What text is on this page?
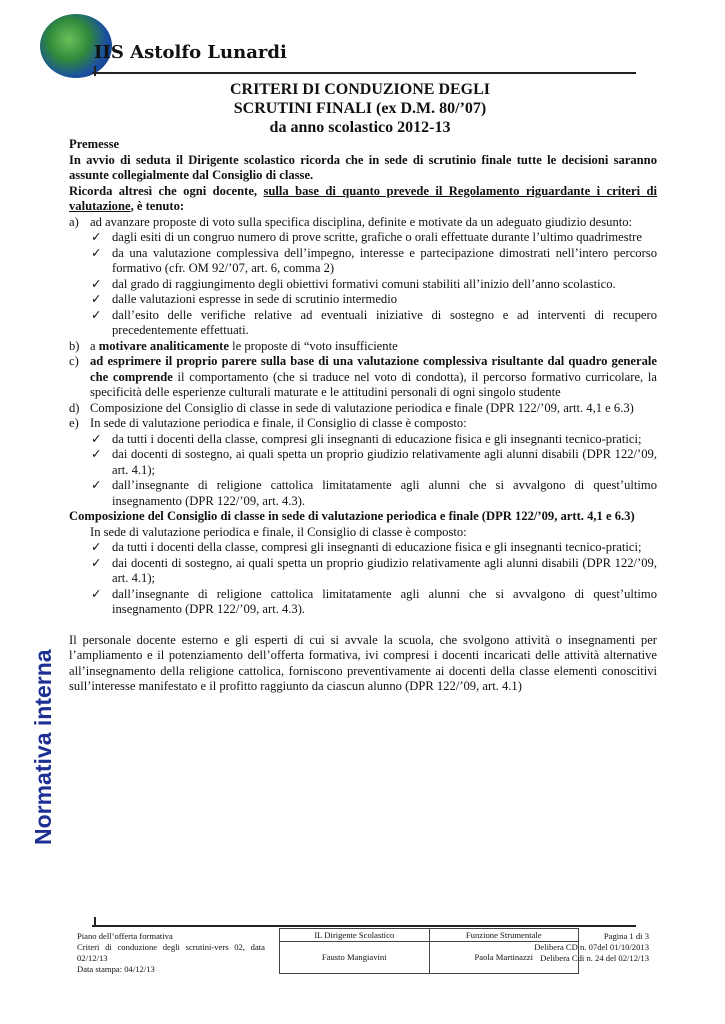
IIS Astolfo Lunardi
CRITERI DI CONDUZIONE DEGLI
SCRUTINI FINALI (ex D.M. 80/’07)
da anno scolastico 2012-13

Premesse

In avvio di seduta il Dirigente scolastico ricorda che in sede di scrutinio finale tutte le decisioni saranno assunte collegialmente dal Consiglio di classe.

Ricorda altresì che ogni docente, sulla base di quanto prevede il Regolamento riguardante i criteri di valutazione, è tenuto:

a) ad avanzare proposte di voto sulla specifica disciplina, definite e motivate da un adeguato giudizio desunto:
✓ dagli esiti di un congruo numero di prove scritte, grafiche o orali effettuate durante l’ultimo quadrimestre
✓ da una valutazione complessiva dell’impegno, interesse e partecipazione dimostrati nell’intero percorso formativo (cfr. OM 92/’07, art. 6, comma 2)
✓ dal grado di raggiungimento degli obiettivi formativi comuni stabiliti all’inizio dell’anno scolastico.
✓ dalle valutazioni espresse in sede di scrutinio intermedio
✓ dall’esito delle verifiche relative ad eventuali iniziative di sostegno e ad interventi di recupero precedentemente effettuati.
b) a motivare analiticamente le proposte di “voto insufficiente
c) ad esprimere il proprio parere sulla base di una valutazione complessiva risultante dal quadro generale che comprende il comportamento (che si traduce nel voto di condotta), il percorso formativo curricolare, la specificità delle esperienze culturali maturate e le attitudini personali di ogni singolo studente
d) Composizione del Consiglio di classe in sede di valutazione periodica e finale (DPR 122/’09, artt. 4,1 e 6.3)
e) In sede di valutazione periodica e finale, il Consiglio di classe è composto:
✓ da tutti i docenti della classe, compresi gli insegnanti di educazione fisica e gli insegnanti tecnico-pratici;
✓ dai docenti di sostegno, ai quali spetta un proprio giudizio relativamente agli alunni disabili (DPR 122/’09, art. 4.1);
✓ dall’insegnante di religione cattolica limitatamente agli alunni che si avvalgono di quest’ultimo insegnamento (DPR 122/’09, art. 4.3).

Composizione del Consiglio di classe in sede di valutazione periodica e finale (DPR 122/’09, artt. 4,1 e 6.3)

In sede di valutazione periodica e finale, il Consiglio di classe è composto:

✓ da tutti i docenti della classe, compresi gli insegnanti di educazione fisica e gli insegnanti tecnico-pratici;
✓ dai docenti di sostegno, ai quali spetta un proprio giudizio relativamente agli alunni disabili (DPR 122/’09, art. 4.1);
✓ dall’insegnante di religione cattolica limitatamente agli alunni che si avvalgono di quest’ultimo insegnamento (DPR 122/’09, art. 4.3).

Il personale docente esterno e gli esperti di cui si avvale la scuola, che svolgono attività o insegnamenti per l’ampliamento e il potenziamento dell’offerta formativa, ivi compresi i docenti incaricati delle attività alternative all’insegnamento della religione cattolica, forniscono preventivamente ai docenti della classe elementi conoscitivi sull’interesse manifestato e il profitto raggiunto da ciascun alunno (DPR 122/’09, art. 4.1)

Normativa interna
Piano dell’offerta formativa
Criteri di conduzione degli scrutini-vers 02, data 02/12/13
Data stampa: 04/12/13
IL Dirigente Scolastico
Fausto Mangiavini
Funzione Strumentale
Paola Martinazzi
Pagina 1 di 3
Delibera CD n. 07del 01/10/2013
Delibera Cdi n. 24 del 02/12/13
